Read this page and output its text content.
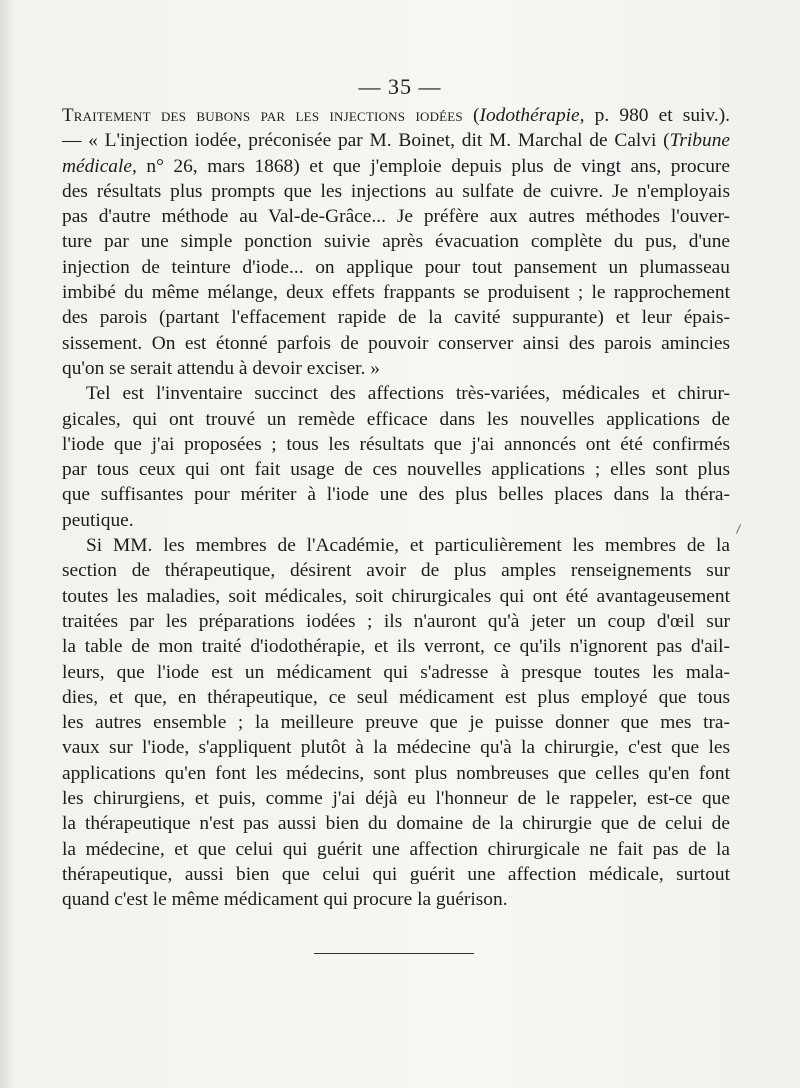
— 35 —
Traitement des bubons par les injections iodées (Iodothérapie, p. 980 et suiv.).
— « L'injection iodée, préconisée par M. Boinet, dit M. Marchal de Calvi (Tribune
médicale, n° 26, mars 1868) et que j'emploie depuis plus de vingt ans, procure
des résultats plus prompts que les injections au sulfate de cuivre. Je n'employais
pas d'autre méthode au Val-de-Grâce... Je préfère aux autres méthodes l'ouver-
ture par une simple ponction suivie après évacuation complète du pus, d'une
injection de teinture d'iode... on applique pour tout pansement un plumasseau
imbibé du même mélange, deux effets frappants se produisent ; le rapprochement
des parois (partant l'effacement rapide de la cavité suppurante) et leur épais-
sissement. On est étonné parfois de pouvoir conserver ainsi des parois amincies
qu'on se serait attendu à devoir exciser. »
Tel est l'inventaire succinct des affections très-variées, médicales et chirur-
gicales, qui ont trouvé un remède efficace dans les nouvelles applications de
l'iode que j'ai proposées ; tous les résultats que j'ai annoncés ont été confirmés
par tous ceux qui ont fait usage de ces nouvelles applications ; elles sont plus
que suffisantes pour mériter à l'iode une des plus belles places dans la théra-
peutique.
Si MM. les membres de l'Académie, et particulièrement les membres de la
section de thérapeutique, désirent avoir de plus amples renseignements sur
toutes les maladies, soit médicales, soit chirurgicales qui ont été avantageusement
traitées par les préparations iodées ; ils n'auront qu'à jeter un coup d'œil sur
la table de mon traité d'iodothérapie, et ils verront, ce qu'ils n'ignorent pas d'ail-
leurs, que l'iode est un médicament qui s'adresse à presque toutes les mala-
dies, et que, en thérapeutique, ce seul médicament est plus employé que tous
les autres ensemble ; la meilleure preuve que je puisse donner que mes tra-
vaux sur l'iode, s'appliquent plutôt à la médecine qu'à la chirurgie, c'est que les
applications qu'en font les médecins, sont plus nombreuses que celles qu'en font
les chirurgiens, et puis, comme j'ai déjà eu l'honneur de le rappeler, est-ce que
la thérapeutique n'est pas aussi bien du domaine de la chirurgie que de celui de
la médecine, et que celui qui guérit une affection chirurgicale ne fait pas de la
thérapeutique, aussi bien que celui qui guérit une affection médicale, surtout
quand c'est le même médicament qui procure la guérison.
